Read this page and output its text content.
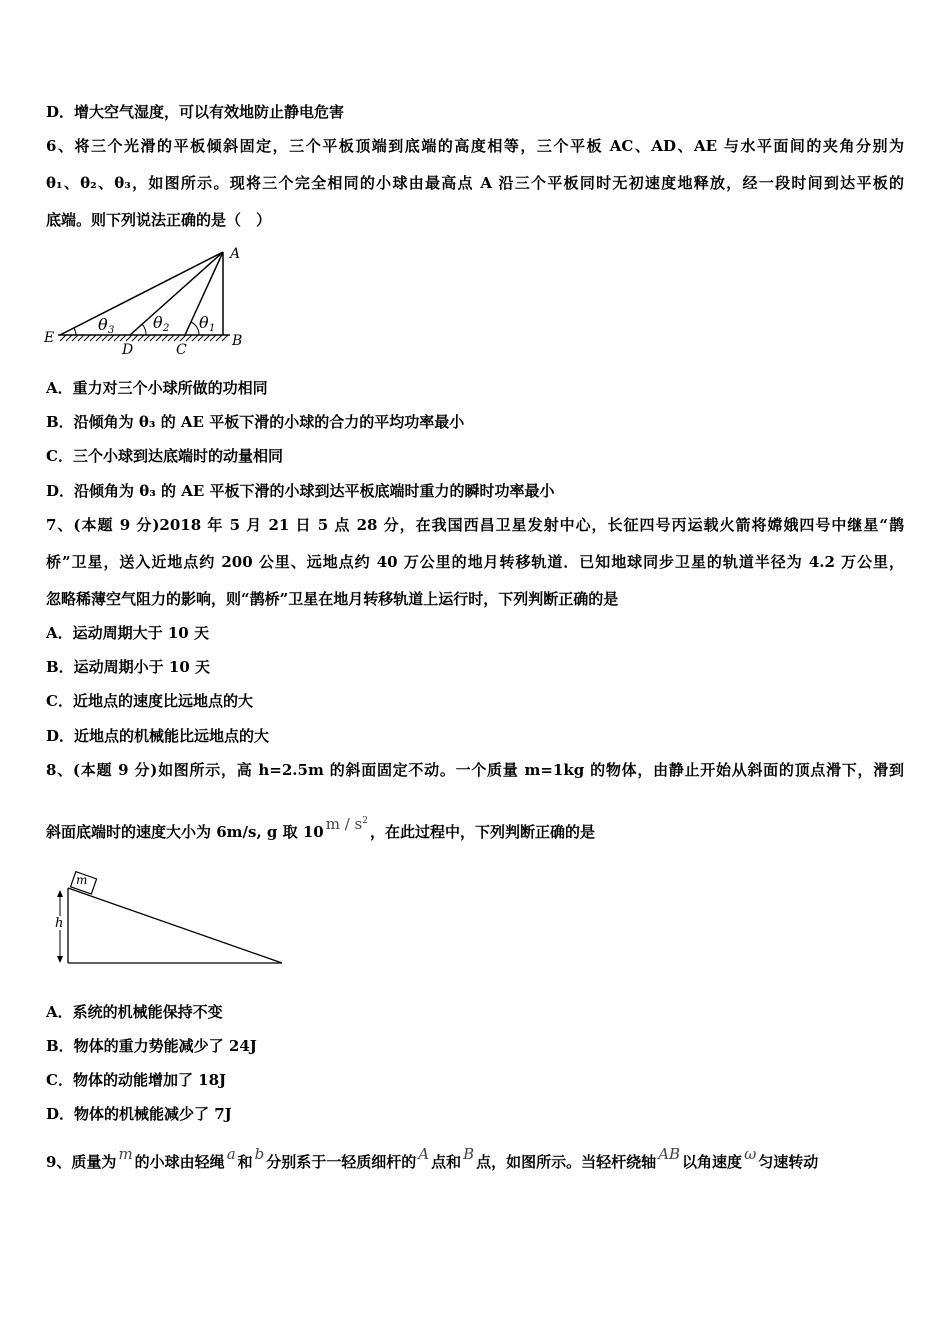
D．增大空气湿度，可以有效地防止静电危害
6、将三个光滑的平板倾斜固定，三个平板顶端到底端的高度相等，三个平板 AC、AD、AE 与水平面间的夹角分别为
θ₁、θ₂、θ₃，如图所示。现将三个完全相同的小球由最高点 A 沿三个平板同时无初速度地释放，经一段时间到达平板的
底端。则下列说法正确的是（　）
A
B
C
D
E
θ 3 θ 2 θ 1
A．重力对三个小球所做的功相同
B．沿倾角为 θ₃ 的 AE 平板下滑的小球的合力的平均功率最小
C．三个小球到达底端时的动量相同
D．沿倾角为 θ₃ 的 AE 平板下滑的小球到达平板底端时重力的瞬时功率最小
7、(本题 9 分)2018 年 5 月 21 日 5 点 28 分，在我国西昌卫星发射中心，长征四号丙运载火箭将嫦娥四号中继星“鹊
桥”卫星，送入近地点约 200 公里、远地点约 40 万公里的地月转移轨道．已知地球同步卫星的轨道半径为 4.2 万公里，
忽略稀薄空气阻力的影响，则“鹊桥”卫星在地月转移轨道上运行时，下列判断正确的是
A．运动周期大于 10 天
B．运动周期小于 10 天
C．近地点的速度比远地点的大
D．近地点的机械能比远地点的大
8、(本题 9 分)如图所示，高 h=2.5m 的斜面固定不动。一个质量 m=1kg 的物体，由静止开始从斜面的顶点滑下，滑到
斜面底端时的速度大小为 6m/s, g 取 10 m / $s^2$，在此过程中，下列判断正确的是
m
h
A．系统的机械能保持不变
B．物体的重力势能减少了 24J
C．物体的动能增加了 18J
D．物体的机械能减少了 7J
9、质量为 m 的小球由轻绳 a 和 b 分别系于一轻质细杆的 A 点和 B 点，如图所示。当轻杆绕轴 AB 以角速度 ω 匀速转动
